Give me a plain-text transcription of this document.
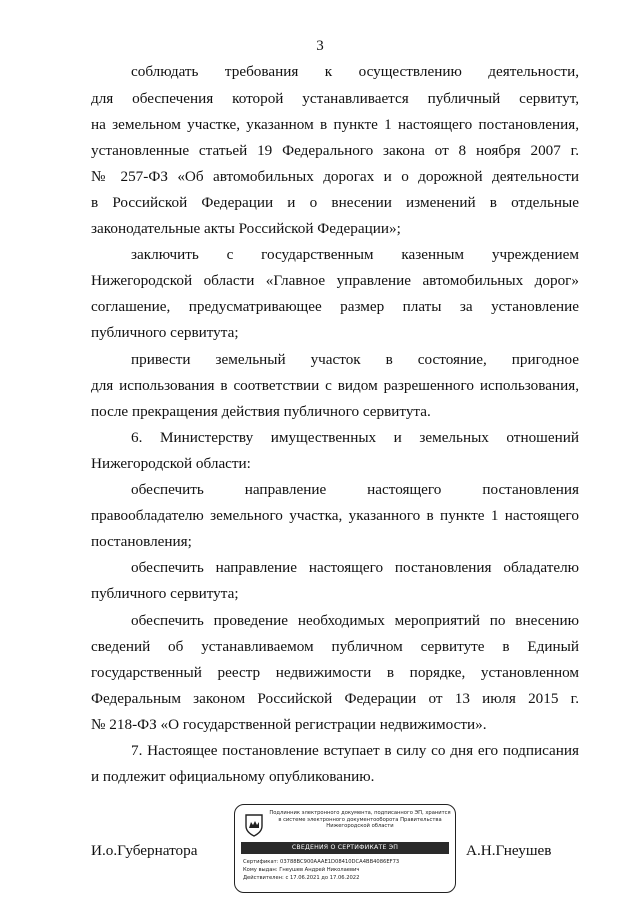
3
соблюдать требования к осуществлению деятельности,
для обеспечения которой устанавливается публичный сервитут,
на земельном участке, указанном в пункте 1 настоящего постановления,
установленные статьей 19 Федерального закона от 8 ноября 2007 г.
№ 257-ФЗ «Об автомобильных дорогах и о дорожной деятельности
в Российской Федерации и о внесении изменений в отдельные
законодательные акты Российской Федерации»;
заключить с государственным казенным учреждением
Нижегородской области «Главное управление автомобильных дорог»
соглашение, предусматривающее размер платы за установление
публичного сервитута;
привести земельный участок в состояние, пригодное
для использования в соответствии с видом разрешенного использования,
после прекращения действия публичного сервитута.
6. Министерству имущественных и земельных отношений
Нижегородской области:
обеспечить направление настоящего постановления
правообладателю земельного участка, указанного в пункте 1 настоящего
постановления;
обеспечить направление настоящего постановления обладателю
публичного сервитута;
обеспечить проведение необходимых мероприятий по внесению
сведений об устанавливаемом публичном сервитуте в Единый
государственный реестр недвижимости в порядке, установленном
Федеральным законом Российской Федерации от 13 июля 2015 г.
№ 218-ФЗ «О государственной регистрации недвижимости».
7. Настоящее постановление вступает в силу со дня его подписания
и подлежит официальному опубликованию.
И.о.Губернатора	А.Н.Гнеушев
Подлинник электронного документа, подписанного ЭП, хранится в системе электронного документооборота Правительства Нижегородской области
СВЕДЕНИЯ О СЕРТИФИКАТЕ ЭП
Сертификат: 03788BC900AAAE1D08410DCA4BB4086EF73
Кому выдан: Гнеушев Андрей Николаевич
Действителен: с 17.06.2021 до 17.06.2022
